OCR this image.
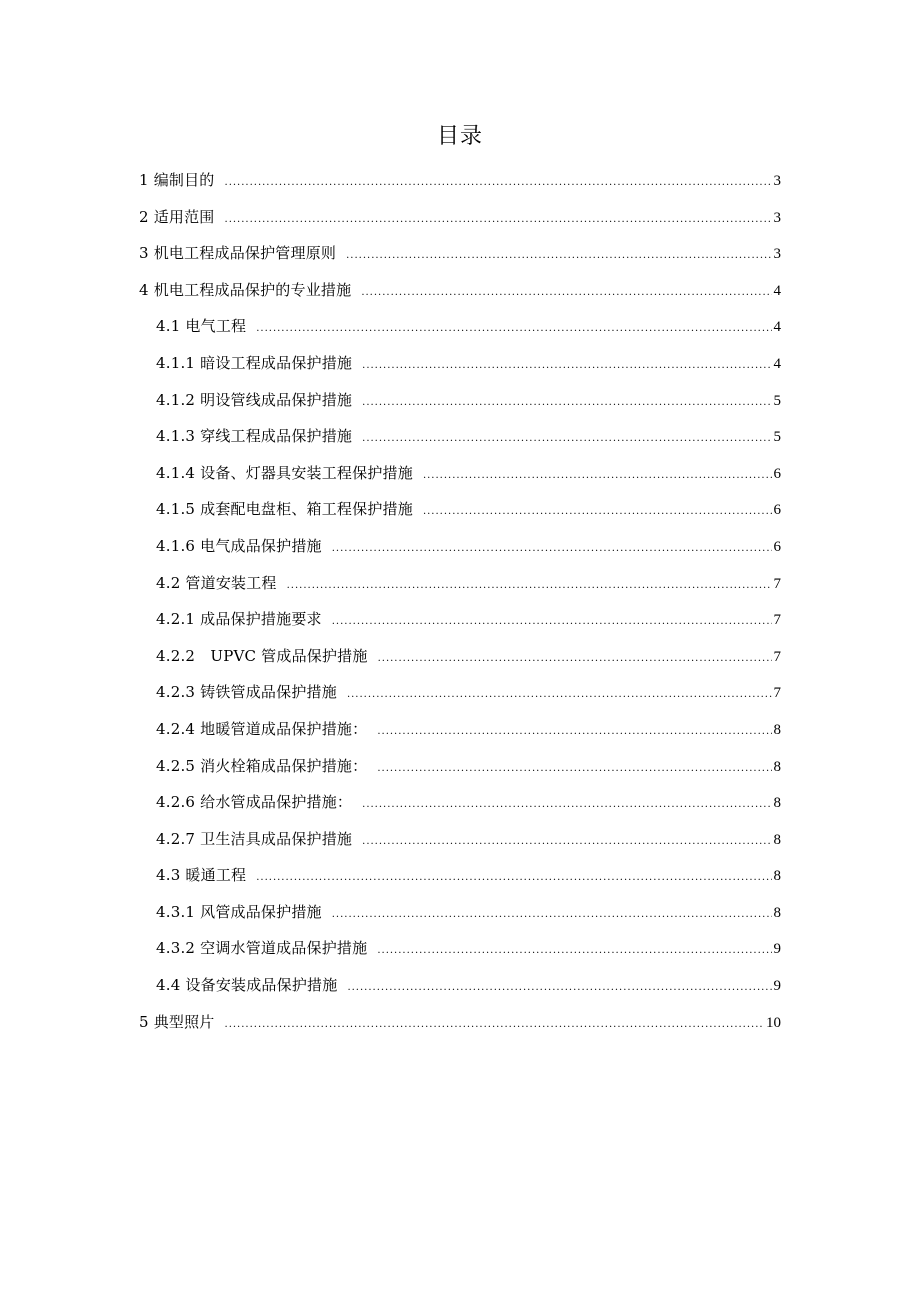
目录
1 编制目的 .....	3
2 适用范围 .....	3
3 机电工程成品保护管理原则 .....	3
4 机电工程成品保护的专业措施 .....	4
4.1 电气工程 .....	4
4.1.1 暗设工程成品保护措施 .....	4
4.1.2 明设管线成品保护措施 .....	5
4.1.3 穿线工程成品保护措施 .....	5
4.1.4 设备、灯器具安装工程保护措施 .....	6
4.1.5 成套配电盘柜、箱工程保护措施 .....	6
4.1.6 电气成品保护措施 .....	6
4.2 管道安装工程 .....	7
4.2.1 成品保护措施要求 .....	7
4.2.2　UPVC 管成品保护措施 .....	7
4.2.3 铸铁管成品保护措施 .....	7
4.2.4 地暖管道成品保护措施： .....	8
4.2.5 消火栓箱成品保护措施： .....	8
4.2.6 给水管成品保护措施： .....	8
4.2.7 卫生洁具成品保护措施 .....	8
4.3 暖通工程 .....	8
4.3.1 风管成品保护措施 .....	8
4.3.2 空调水管道成品保护措施 .....	9
4.4 设备安装成品保护措施 .....	9
5 典型照片 .....	10
